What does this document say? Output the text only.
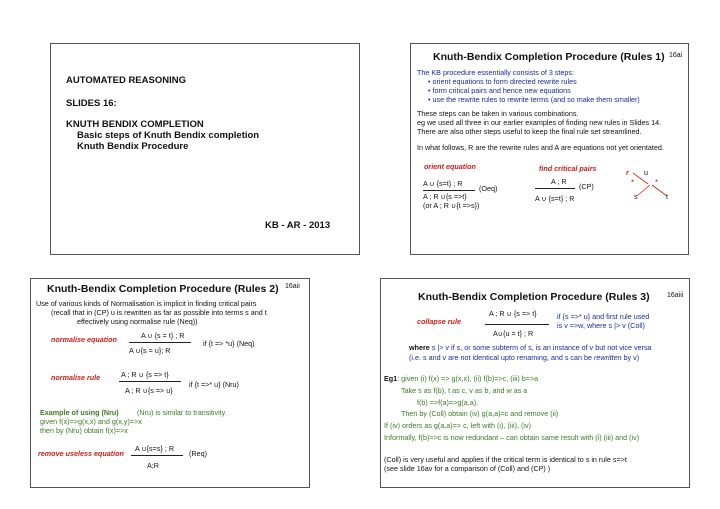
AUTOMATED REASONING
SLIDES 16:
KNUTH BENDIX COMPLETION
Basic steps of Knuth Bendix completion
Knuth Bendix Procedure
KB - AR - 2013
Knuth-Bendix Completion Procedure (Rules 1) 16ai
The KB procedure essentially consists of 3 steps:
• orient equations to form directed rewrite rules
• form critical pairs and hence new equations
• use the rewrite rules to rewrite terms (and so make them smaller)
These steps can be taken in various combinations.
eg we used all three in our earlier examples of finding new rules in Slides 14.
There are also other steps useful to keep the final rule set streamlined.
In what follows, R are the rewrite rules and A are equations not yet orientated.
orient equation
A ∪ {s=t} ; R
(Oeq)
A ; R ∪{s =>t}
(or A ; R ∪{t =>s})
find critical pairs
A ; R
(CP)
A ∪ {s=t} ; R
r u
*	*
s	t
Knuth-Bendix Completion Procedure (Rules 2) 16aii
Use of various kinds of Normalisation is implicit in finding critical pairs
(recall that in (CP) u is rewritten as far as possible into terms s and t
effectively using normalise rule (Neq))
A ∪ {s = t} ; R
normalise equation	if {t => *u} (Neq)
A ∪{s = u}; R
A ; R ∪ {s => t}
normalise rule
if {t =>* u} (Nru)
A ; R ∪{s => u}
Example of using (Nru)	(Nru) is similar to transitivity.
given f(x)=>g(x,x) and g(x,y)=>x
then by (Nru) obtain f(x)=>x
A ∪{s=s} ; R
remove useless equation	(Req)
A;R
Knuth-Bendix Completion Procedure (Rules 3) 16aiii
A ; R ∪ {s => t}
collapse rule
if {s =>* u} and first rule used
is v =>w, where s |> v (Coll)
A∪{u = t} ; R
where s |> v if s, or some subterm of s, is an instance of v but not vice versa
(i.e. s and v are not identical upto renaming, and s can be rewritten by v)
Eg1: given (i) f(x) => g(x,x), (ii) f(b)=>c, (iii) b=>a
Take s as f(b), t as c, v as b, and w as a
f(b) =>f(a)=>g(a,a).
Then by (Coll) obtain (iv) g(a,a)=c and remove (ii)
If (iv) orders as g(a,a)=> c, left with (i), (iii), (iv)
Informally, f(b)=>c is now redundant – can obtain same result with (i) (iii) and (iv)
(Coll) is very useful and applies if the critical term is identical to s in rule s=>t
(see slide 16av for a comparison of (Coll) and (CP) )
